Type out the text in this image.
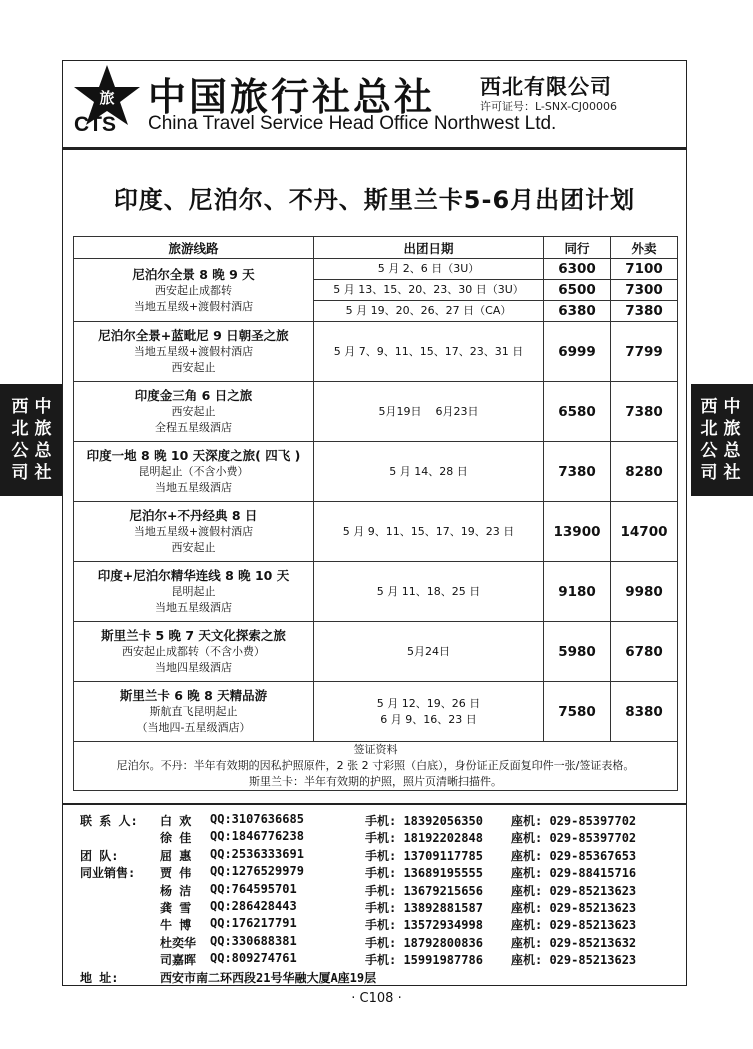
旅
CTS
中国旅行社总社 西北有限公司
许可证号：L-SNX-CJ00006
China Travel Service Head Office Northwest Ltd.
印度、尼泊尔、不丹、斯里兰卡5-6月出团计划
旅游线路	出团日期	同行	外卖

尼泊尔全景 8 晚 9 天
西安起止成都转
当地五星级+渡假村酒店	5 月 2、6 日（3U）	6300	7100
	5 月 13、15、20、23、30 日（3U）	6500	7300
	5 月 19、20、26、27 日（CA）	6380	7380

尼泊尔全景+蓝毗尼 9 日朝圣之旅
当地五星级+渡假村酒店
西安起止	5 月 7、9、11、15、17、23、31 日	6999	7799

印度金三角 6 日之旅
西安起止
全程五星级酒店	5月19日    6月23日	6580	7380

印度一地 8 晚 10 天深度之旅( 四飞 )
昆明起止（不含小费）
当地五星级酒店	5 月 14、28 日	7380	8280

尼泊尔+不丹经典 8 日
当地五星级+渡假村酒店
西安起止	5 月 9、11、15、17、19、23 日	13900	14700

印度+尼泊尔精华连线 8 晚 10 天
昆明起止
当地五星级酒店	5 月 11、18、25 日	9180	9980

斯里兰卡 5 晚 7 天文化探索之旅
西安起止成都转（不含小费）
当地四星级酒店	5月24日	5980	6780

斯里兰卡 6 晚 8 天精品游
斯航直飞昆明起止
（当地四-五星级酒店）	5 月 12、19、26 日
6 月 9、16、23 日	7580	8380

签证资料
尼泊尔。不丹：半年有效期的因私护照原件，2 张 2 寸彩照（白底），身份证正反面复印件一张/签证表格。
斯里兰卡：半年有效期的护照，照片页清晰扫描件。			
西
北
公
司
中
旅
总
社
西
北
公
司
中
旅
总
社
联 系 人: 白 欢 QQ:3107636685	手机: 18392056350 座机: 029-85397702
徐 佳 QQ:1846776238	手机: 18192202848 座机: 029-85397702
团 队:	屈 惠 QQ:2536333691	手机: 13709117785 座机: 029-85367653
同业销售: 贾 伟 QQ:1276529979	手机: 13689195555 座机: 029-88415716
杨 洁 QQ:764595701	手机: 13679215656 座机: 029-85213623
龚 雪 QQ:286428443	手机: 13892881587 座机: 029-85213623
牛 博 QQ:176217791	手机: 13572934998 座机: 029-85213623
杜奕华 QQ:330688381	手机: 18792800836 座机: 029-85213632
司嘉晖 QQ:809274761	手机: 15991987786 座机: 029-85213623
地 址:	西安市南二环西段21号华融大厦A座19层
· C108 ·
